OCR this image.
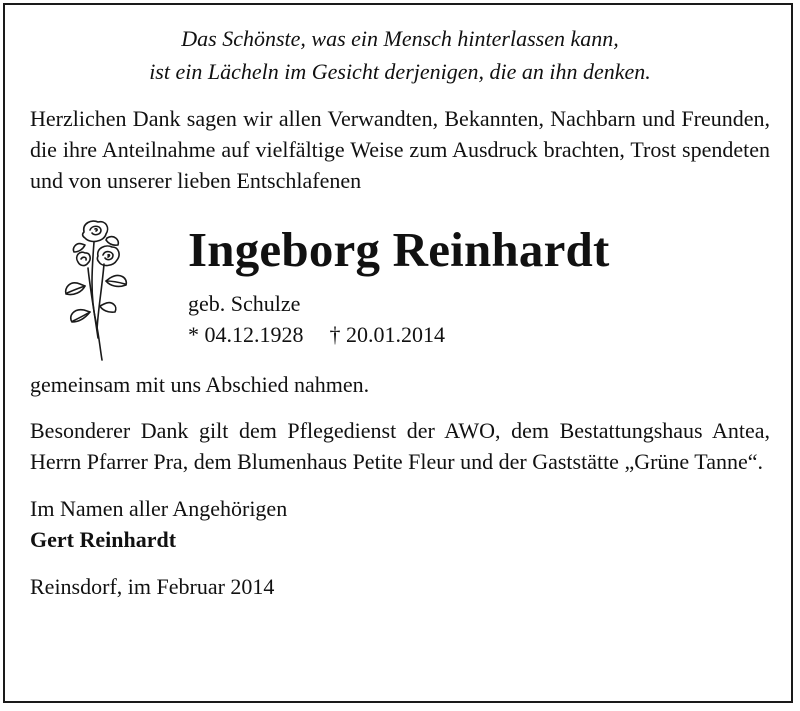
Das Schönste, was ein Mensch hinterlassen kann,
ist ein Lächeln im Gesicht derjenigen, die an ihn denken.

Herzlichen Dank sagen wir allen Verwandten, Bekannten, Nachbarn und Freunden, die ihre Anteilnahme auf vielfältige Weise zum Ausdruck brachten, Trost spendeten und von unserer lieben Entschlafenen

Ingeborg Reinhardt
geb. Schulze
* 04.12.1928 † 20.01.2014

gemeinsam mit uns Abschied nahmen.

Besonderer Dank gilt dem Pflegedienst der AWO, dem Bestattungshaus Antea, Herrn Pfarrer Pra, dem Blumenhaus Petite Fleur und der Gaststätte „Grüne Tanne“.

Im Namen aller Angehörigen
Gert Reinhardt
Reinsdorf, im Februar 2014
